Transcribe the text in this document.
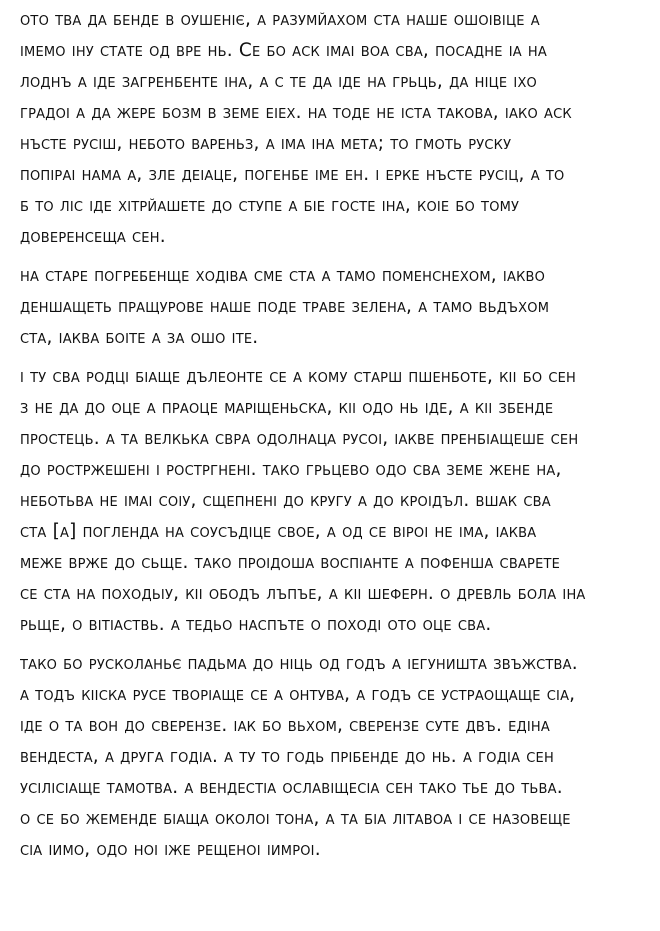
ото тва да бенде в оушеніє, а разумйахом ста наше ошоівіце а
імемо іну стате од вре нь. Се бо аск імаі воа сва, посадне іа на
лоднъ а іде загренбенте іна, а с те да іде на грьць, да ніце іхо
градоі а да жере бозм в земе еіех. на тоде не іста такова, іако аск
нъсте русіш, небото вареньз, а іма іна мета; то гмоть руску
попіраі нама а, зле деіаце, погенбе іме ен. і ерке нъсте русіц, а то
б то ліс іде хітрйашете до ступе а біе госте іна, коіе бо тому
доверенсеща сен.
на старе погребенще ходіва сме ста а тамо поменснехом, іакво
деншащеть пращурове наше подe траве зелена, а тамо вьдъхом
ста, іаква боіте а за ошо іте.
і ту сва родці біаще дълеонте се а кому старш пшенботе, кіі бо сен
з не да до оце а праоце маріщеньска, кіі одо нь іде, а кіі збенде
простець. а та велкька свра одолнаца русоі, іакве пренбіащеше сен
до ростржешені і ростргнені. тако грьцево одо сва земе жене на,
неботьва не імаі соіу, сщепнені до кругу а до кроідъл. вшак сва
ста [а] погленда на соусъдіце свое, а од се віроі не іма, іаква
меже врже до сьще. тако проідоша воспіанте а пофенша сварете
се ста на походьіу, кіі ободъ лъпъе, а кіі шеферн. о древль бола іна
рьще, о вітіаствь. а тедьо наспъте о поході ото оце сва.
тако бо русколаньє падьма до ніць од годъ а іегуништа звъжства.
а тодъ кііска русе творіаще се а онтува, а годъ се устраощаще сіа,
іде о та вон до сверензе. іак бо вьхом, сверензе суте двъ. едіна
вендеста, а друга годіа. а ту то годь прібенде до нь. а годіа сен
усілісіаще тамотва. а вендестіа ославіщесіа сен тако тье до тьва.
о се бо жеменде біаща околоі тона, а та біа літавоа і се назовеще
сіа іимо, одо ноі іже рещеноі іимроі.
